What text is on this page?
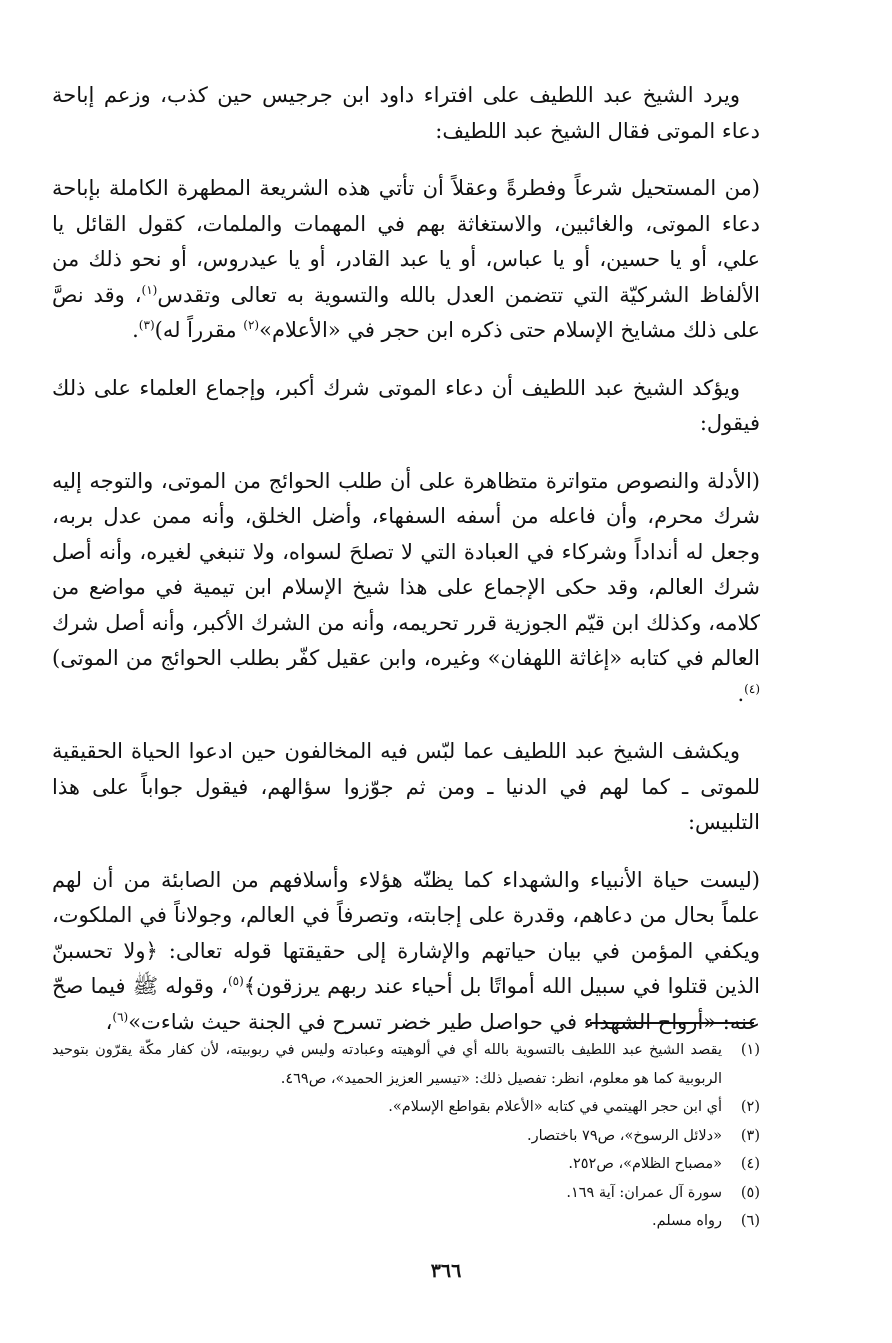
ويرد الشيخ عبد اللطيف على افتراء داود ابن جرجيس حين كذب، وزعم إباحة دعاء الموتى فقال الشيخ عبد اللطيف:

(من المستحيل شرعاً وفطرةً وعقلاً أن تأتي هذه الشريعة المطهرة الكاملة بإباحة دعاء الموتى، والغائبين، والاستغاثة بهم في المهمات والملمات، كقول القائل يا علي، أو يا حسين، أو يا عباس، أو يا عبد القادر، أو يا عيدروس، أو نحو ذلك من الألفاظ الشركيّة التي تتضمن العدل بالله والتسوية به تعالى وتقدس$^{(١)}$، وقد نصَّ على ذلك مشايخ الإسلام حتى ذكره ابن حجر في «الأعلام»$^{(٢)}$ مقرراً له)$^{(٣)}$.

ويؤكد الشيخ عبد اللطيف أن دعاء الموتى شرك أكبر، وإجماع العلماء على ذلك فيقول:

(الأدلة والنصوص متواترة متظاهرة على أن طلب الحوائج من الموتى، والتوجه إليه شرك محرم، وأن فاعله من أسفه السفهاء، وأضل الخلق، وأنه ممن عدل بربه، وجعل له أنداداً وشركاء في العبادة التي لا تصلحَ لسواه، ولا تنبغي لغيره، وأنه أصل شرك العالم، وقد حكى الإجماع على هذا شيخ الإسلام ابن تيمية في مواضع من كلامه، وكذلك ابن قيّم الجوزية قرر تحريمه، وأنه من الشرك الأكبر، وأنه أصل شرك العالم في كتابه «إغاثة اللهفان» وغيره، وابن عقيل كفّر بطلب الحوائج من الموتى)$^{(٤)}$.

ويكشف الشيخ عبد اللطيف عما لبّس فيه المخالفون حين ادعوا الحياة الحقيقية للموتى ـ كما لهم في الدنيا ـ ومن ثم جوّزوا سؤالهم، فيقول جواباً على هذا التلبيس:

(ليست حياة الأنبياء والشهداء كما يظنّه هؤلاء وأسلافهم من الصابئة من أن لهم علماً بحال من دعاهم، وقدرة على إجابته، وتصرفاً في العالم، وجولاناً في الملكوت، ويكفي المؤمن في بيان حياتهم والإشارة إلى حقيقتها قوله تعالى: ﴿ولا تحسبنّ الذين قتلوا في سبيل الله أمواتًا بل أحياء عند ربهم يرزقون﴾$^{(٥)}$، وقوله ﷺ فيما صحّ عنه: «أرواح الشهداء في حواصل طير خضر تسرح في الجنة حيث شاءت»$^{(٦)}$،

(١)
يقصد الشيخ عبد اللطيف بالتسوية بالله أي في ألوهيته وعبادته وليس في ربوبيته، لأن كفار مكّة يقرّون بتوحيد الربوبية كما هو معلوم، انظر: تفصيل ذلك: «تيسير العزيز الحميد»، ص٤٦٩.
(٢)
أي ابن حجر الهيتمي في كتابه «الأعلام بقواطع الإسلام».
(٣)
«دلائل الرسوخ»، ص٧٩ باختصار.
(٤)
«مصباح الظلام»، ص٢٥٢.
(٥)
سورة آل عمران: آية ١٦٩.
(٦)
رواه مسلم.
٣٦٦
